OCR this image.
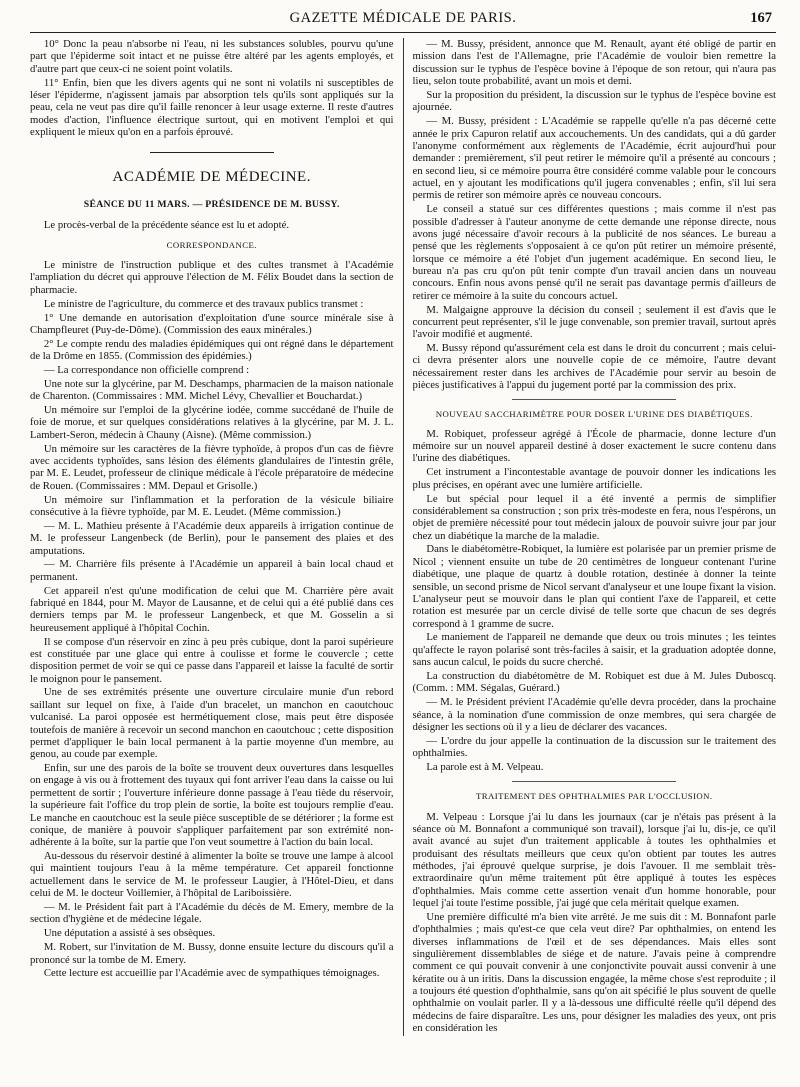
GAZETTE MÉDICALE DE PARIS.	167

10° Donc la peau n'absorbe ni l'eau, ni les substances solubles, pourvu qu'une part que l'épiderme soit intact et ne puisse être altéré par les agents employés, et d'autre part que ceux-ci ne soient point volatils.

11° Enfin, bien que les divers agents qui ne sont ni volatils ni susceptibles de léser l'épiderme, n'agissent jamais par absorption tels qu'ils sont appliqués sur la peau, cela ne veut pas dire qu'il faille renoncer à leur usage externe. Il reste d'autres modes d'action, l'influence électrique surtout, qui en motivent l'emploi et qui expliquent le mieux qu'on en a parfois éprouvé.

ACADÉMIE DE MÉDECINE.

SÉANCE DU 11 MARS. — PRÉSIDENCE DE M. BUSSY.

Le procès-verbal de la précédente séance est lu et adopté.

CORRESPONDANCE.

Le ministre de l'instruction publique et des cultes transmet à l'Académie l'ampliation du décret qui approuve l'élection de M. Félix Boudet dans la section de pharmacie.

Le ministre de l'agriculture, du commerce et des travaux publics transmet :

1° Une demande en autorisation d'exploitation d'une source minérale sise à Champfleuret (Puy-de-Dôme). (Commission des eaux minérales.)

2° Le compte rendu des maladies épidémiques qui ont régné dans le département de la Drôme en 1855. (Commission des épidémies.)

— La correspondance non officielle comprend :

Une note sur la glycérine, par M. Deschamps, pharmacien de la maison nationale de Charenton. (Commissaires : MM. Michel Lévy, Chevallier et Bouchardat.)

Un mémoire sur l'emploi de la glycérine iodée, comme succédané de l'huile de foie de morue, et sur quelques considérations relatives à la glycérine, par M. J. L. Lambert-Seron, médecin à Chauny (Aisne). (Même commission.)

Un mémoire sur les caractères de la fièvre typhoïde, à propos d'un cas de fièvre avec accidents typhoïdes, sans lésion des éléments glandulaires de l'intestin grêle, par M. E. Leudet, professeur de clinique médicale à l'école préparatoire de médecine de Rouen. (Commissaires : MM. Depaul et Grisolle.)

Un mémoire sur l'inflammation et la perforation de la vésicule biliaire consécutive à la fièvre typhoïde, par M. E. Leudet. (Même commission.)

— M. L. Mathieu présente à l'Académie deux appareils à irrigation continue de M. le professeur Langenbeck (de Berlin), pour le pansement des plaies et des amputations.

— M. Charrière fils présente à l'Académie un appareil à bain local chaud et permanent.

Cet appareil n'est qu'une modification de celui que M. Charrière père avait fabriqué en 1844, pour M. Mayor de Lausanne, et de celui qui a été publié dans ces derniers temps par M. le professeur Langenbeck, et que M. Gosselin a si heureusement appliqué à l'hôpital Cochin.

Il se compose d'un réservoir en zinc à peu près cubique, dont la paroi supérieure est constituée par une glace qui entre à coulisse et forme le couvercle ; cette disposition permet de voir se qui ce passe dans l'appareil et laisse la faculté de sortir le moignon pour le pansement.

Une de ses extrémités présente une ouverture circulaire munie d'un rebord saillant sur lequel on fixe, à l'aide d'un bracelet, un manchon en caoutchouc vulcanisé. La paroi opposée est hermétiquement close, mais peut être disposée toutefois de manière à recevoir un second manchon en caoutchouc ; cette disposition permet d'appliquer le bain local permanent à la partie moyenne d'un membre, au genou, au coude par exemple.

Enfin, sur une des parois de la boîte se trouvent deux ouvertures dans lesquelles on engage à vis ou à frottement des tuyaux qui font arriver l'eau dans la caisse ou lui permettent de sortir ; l'ouverture inférieure donne passage à l'eau tiède du réservoir, la supérieure fait l'office du trop plein de sortie, la boîte est toujours remplie d'eau. Le manche en caoutchouc est la seule pièce susceptible de se détériorer ; la forme est conique, de manière à pouvoir s'appliquer parfaitement par son extrémité non-adhérente à la boîte, sur la partie que l'on veut soumettre à l'action du bain local.

Au-dessous du réservoir destiné à alimenter la boîte se trouve une lampe à alcool qui maintient toujours l'eau à la même température. Cet appareil fonctionne actuellement dans le service de M. le professeur Laugier, à l'Hôtel-Dieu, et dans celui de M. le docteur Voillemier, à l'hôpital de Lariboissière.

— M. le Président fait part à l'Académie du décès de M. Emery, membre de la section d'hygiène et de médecine légale.

Une députation a assisté à ses obsèques.

M. Robert, sur l'invitation de M. Bussy, donne ensuite lecture du discours qu'il a prononcé sur la tombe de M. Emery.

Cette lecture est accueillie par l'Académie avec de sympathiques témoignages.

— M. Bussy, président, annonce que M. Renault, ayant été obligé de partir en mission dans l'est de l'Allemagne, prie l'Académie de vouloir bien remettre la discussion sur le typhus de l'espèce bovine à l'époque de son retour, qui n'aura pas lieu, selon toute probabilité, avant un mois et demi.

Sur la proposition du président, la discussion sur le typhus de l'espèce bovine est ajournée.

— M. Bussy, président : L'Académie se rappelle qu'elle n'a pas décerné cette année le prix Capuron relatif aux accouchements. Un des candidats, qui a dû garder l'anonyme conformément aux règlements de l'Académie, écrit aujourd'hui pour demander : premièrement, s'il peut retirer le mémoire qu'il a présenté au concours ; en second lieu, si ce mémoire pourra être considéré comme valable pour le concours actuel, en y ajoutant les modifications qu'il jugera convenables ; enfin, s'il lui sera permis de retirer son mémoire après ce nouveau concours.

Le conseil a statué sur ces différentes questions ; mais comme il n'est pas possible d'adresser à l'auteur anonyme de cette demande une réponse directe, nous avons jugé nécessaire d'avoir recours à la publicité de nos séances. Le bureau a pensé que les règlements s'opposaient à ce qu'on pût retirer un mémoire présenté, lorsque ce mémoire a été l'objet d'un jugement académique. En second lieu, le bureau n'a pas cru qu'on pût tenir compte d'un travail ancien dans un nouveau concours. Enfin nous avons pensé qu'il ne serait pas davantage permis d'ailleurs de retirer ce mémoire à la suite du concours actuel.

M. Malgaigne approuve la décision du conseil ; seulement il est d'avis que le concurrent peut représenter, s'il le juge convenable, son premier travail, surtout après l'avoir modifié et augmenté.

M. Bussy répond qu'assurément cela est dans le droit du concurrent ; mais celui-ci devra présenter alors une nouvelle copie de ce mémoire, l'autre devant nécessairement rester dans les archives de l'Académie pour servir au besoin de pièces justificatives à l'appui du jugement porté par la commission des prix.

NOUVEAU SACCHARIMÈTRE POUR DOSER L'URINE DES DIABÉTIQUES.

M. Robiquet, professeur agrégé à l'École de pharmacie, donne lecture d'un mémoire sur un nouvel appareil destiné à doser exactement le sucre contenu dans l'urine des diabétiques.

Cet instrument a l'incontestable avantage de pouvoir donner les indications les plus précises, en opérant avec une lumière artificielle.

Le but spécial pour lequel il a été inventé a permis de simplifier considérablement sa construction ; son prix très-modeste en fera, nous l'espérons, un objet de première nécessité pour tout médecin jaloux de pouvoir suivre jour par jour chez un diabétique la marche de la maladie.

Dans le diabétomètre-Robiquet, la lumière est polarisée par un premier prisme de Nicol ; viennent ensuite un tube de 20 centimètres de longueur contenant l'urine diabétique, une plaque de quartz à double rotation, destinée à donner la teinte sensible, un second prisme de Nicol servant d'analyseur et une loupe fixant la vision. L'analyseur peut se mouvoir dans le plan qui contient l'axe de l'appareil, et cette rotation est mesurée par un cercle divisé de telle sorte que chacun de ses degrés correspond à 1 gramme de sucre.

Le maniement de l'appareil ne demande que deux ou trois minutes ; les teintes qu'affecte le rayon polarisé sont très-faciles à saisir, et la graduation adoptée donne, sans aucun calcul, le poids du sucre cherché.

La construction du diabétomètre de M. Robiquet est due à M. Jules Duboscq. (Comm. : MM. Ségalas, Guérard.)

— M. le Président prévient l'Académie qu'elle devra procéder, dans la prochaine séance, à la nomination d'une commission de onze membres, qui sera chargée de désigner les sections où il y a lieu de déclarer des vacances.

— L'ordre du jour appelle la continuation de la discussion sur le traitement des ophthalmies.

La parole est à M. Velpeau.

TRAITEMENT DES OPHTHALMIES PAR L'OCCLUSION.

M. Velpeau : Lorsque j'ai lu dans les journaux (car je n'étais pas présent à la séance où M. Bonnafont a communiqué son travail), lorsque j'ai lu, dis-je, ce qu'il avait avancé au sujet d'un traitement applicable à toutes les ophthalmies et produisant des résultats meilleurs que ceux qu'on obtient par toutes les autres méthodes, j'ai éprouvé quelque surprise, je dois l'avouer. Il me semblait très-extraordinaire qu'un même traitement pût être appliqué à toutes les espèces d'ophthalmies. Mais comme cette assertion venait d'un homme honorable, pour lequel j'ai toute l'estime possible, j'ai jugé que cela méritait quelque examen.

Une première difficulté m'a bien vite arrêté. Je me suis dit : M. Bonnafont parle d'ophthalmies ; mais qu'est-ce que cela veut dire? Par ophthalmies, on entend les diverses inflammations de l'œil et de ses dépendances. Mais elles sont singulièrement dissemblables de siége et de nature. J'avais peine à comprendre comment ce qui pouvait convenir à une conjonctivite pouvait aussi convenir à une kératite ou à un iritis. Dans la discussion engagée, la même chose s'est reproduite ; il a toujours été question d'ophthalmie, sans qu'on ait spécifié le plus souvent de quelle ophthalmie on voulait parler. Il y a là-dessous une difficulté réelle qu'il dépend des médecins de faire disparaître. Les uns, pour désigner les maladies des yeux, ont pris en considération les
